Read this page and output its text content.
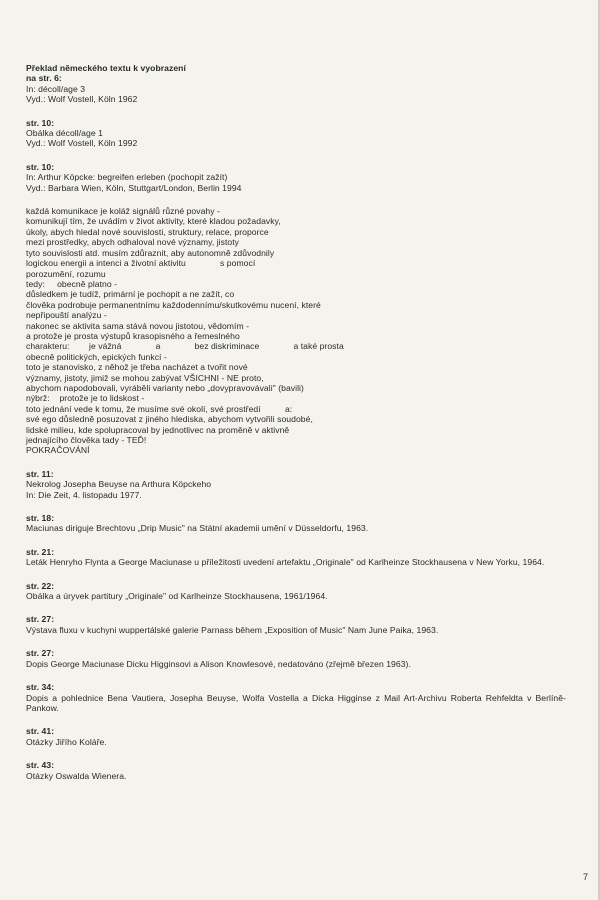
Překlad německého textu k vyobrazení
na str. 6:
In: décoll/age 3
Vyd.: Wolf Vostell, Köln 1962
str. 10:
Obálka décoll/age 1
Vyd.: Wolf Vostell, Köln 1992
str. 10:
In: Arthur Köpcke: begreifen erleben (pochopit zažít)
Vyd.: Barbara Wien, Köln, Stuttgart/London, Berlin 1994
každá komunikace je koláž signálů různé povahy -
komunikují tím, že uvádím v život aktivity, které kladou požadavky,
úkoly, abych hledal nové souvislosti, struktury, relace, proporce
mezi prostředky, abych odhaloval nové významy, jistoty
tyto souvislosti atd. musím zdůraznit, aby autonomně zdůvodnily
logickou energii a intenci a životní aktivitu              s pomocí
porozumění, rozumu
tedy:     obecně platno -
důsledkem je tudíž, primární je pochopit a ne zažít, co
člověka podrobuje permanentnímu každodennímu/skutkovému nucení, které
nepřipouští analýzu -
nakonec se aktivita sama stává novou jistotou, vědomím -
a protože je prosta výstupů krasopisného a řemeslného
charakteru:        je vážná              a              bez diskriminace              a také prosta
obecně politických, epických funkcí -
toto je stanovisko, z něhož je třeba nacházet a tvořit nové
významy, jistoty, jimiž se mohou zabývat VŠICHNI - NE proto,
abychom napodobovali, vyráběli varianty nebo „dovypravovávali" (bavili)
nýbrž:    protože je to lidskost -
toto jednání vede k tomu, že musíme své okolí, své prostředí          a:
své ego důsledně posuzovat z jiného hlediska, abychom vytvořili soudobé,
lidské milieu, kde spolupracoval by jednotlivec na proměně v aktivně
jednajícího člověka tady - TEĎ!
POKRAČOVÁNÍ
str. 11:
Nekrolog Josepha Beuyse na Arthura Köpckeho
In: Die Zeit, 4. listopadu 1977.
str. 18:
Maciunas diriguje Brechtovu „Drip Music" na Státní akademii umění v Düsseldorfu, 1963.
str. 21:
Leták Henryho Flynta a George Maciunase u příležitosti uvedení artefaktu „Originale" od Karlheinze Stockhausena v New Yorku, 1964.
str. 22:
Obálka a úryvek partitury „Originale" od Karlheinze Stockhausena, 1961/1964.
str. 27:
Výstava fluxu v kuchyni wuppertálské galerie Parnass během „Exposition of Music" Nam June Paika, 1963.
str. 27:
Dopis George Maciunase Dicku Higginsovi a Alison Knowlesové, nedatováno (zřejmě březen 1963).
str. 34:
Dopis a pohlednice Bena Vautiera, Josepha Beuyse, Wolfa Vostella a Dicka Higginse z Mail Art-Archivu Roberta Rehfeldta v Berlíně-Pankow.
str. 41:
Otázky Jiřího Kolářе.
str. 43:
Otázky Oswalda Wienera.
7
